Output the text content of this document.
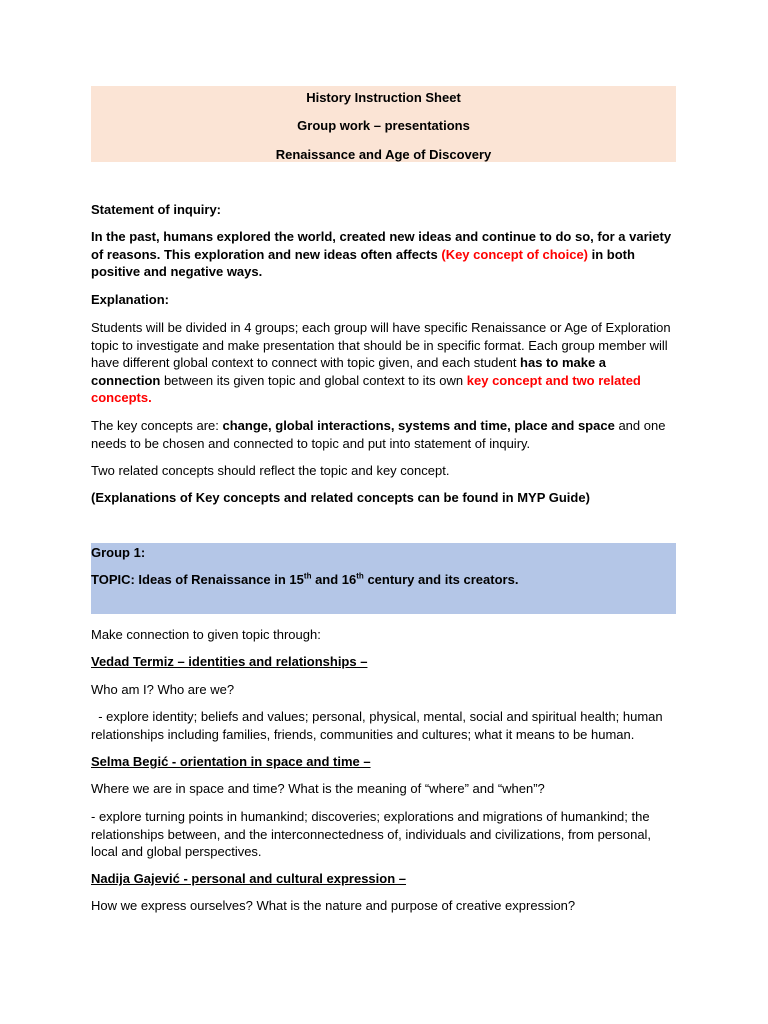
History Instruction Sheet
Group work – presentations
Renaissance and Age of Discovery

Statement of inquiry:

In the past, humans explored the world, created new ideas and continue to do so, for a variety of reasons. This exploration and new ideas often affects (Key concept of choice) in both positive and negative ways.

Explanation:

Students will be divided in 4 groups; each group will have specific Renaissance or Age of Exploration topic to investigate and make presentation that should be in specific format. Each group member will have different global context to connect with topic given, and each student has to make a connection between its given topic and global context to its own key concept and two related concepts.

The key concepts are: change, global interactions, systems and time, place and space and one needs to be chosen and connected to topic and put into statement of inquiry.

Two related concepts should reflect the topic and key concept.

(Explanations of Key concepts and related concepts can be found in MYP Guide)

Group 1:

TOPIC: Ideas of Renaissance in 15th and 16th century and its creators.

Make connection to given topic through:

Vedad Termiz – identities and relationships –

Who am I? Who are we?

- explore identity; beliefs and values; personal, physical, mental, social and spiritual health; human relationships including families, friends, communities and cultures; what it means to be human.

Selma Begić - orientation in space and time –

Where we are in space and time? What is the meaning of “where” and “when”?

- explore turning points in humankind; discoveries; explorations and migrations of humankind; the relationships between, and the interconnectedness of, individuals and civilizations, from personal, local and global perspectives.

Nadija Gajević - personal and cultural expression –

How we express ourselves? What is the nature and purpose of creative expression?
